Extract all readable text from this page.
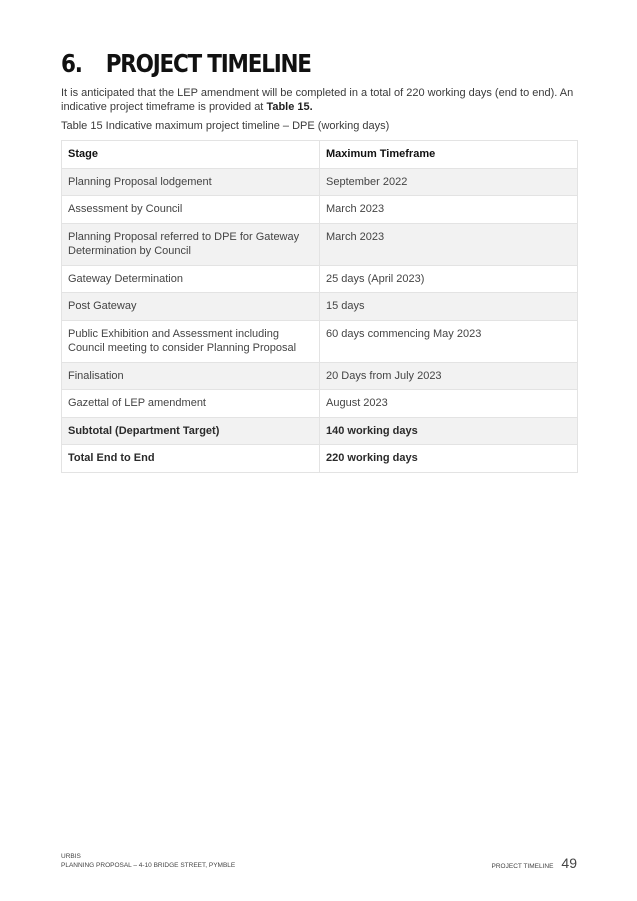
6. PROJECT TIMELINE

It is anticipated that the LEP amendment will be completed in a total of 220 working days (end to end). An indicative project timeframe is provided at Table 15.

Table 15 Indicative maximum project timeline – DPE (working days)

Stage	Maximum Timeframe
Planning Proposal lodgement	September 2022
Assessment by Council	March 2023
Planning Proposal referred to DPE for Gateway Determination by Council	March 2023
Gateway Determination	25 days (April 2023)
Post Gateway	15 days
Public Exhibition and Assessment including Council meeting to consider Planning Proposal	60 days commencing May 2023
Finalisation	20 Days from July 2023
Gazettal of LEP amendment	August 2023
Subtotal (Department Target)	140 working days
Total End to End	220 working days
URBIS
PLANNING PROPOSAL – 4-10 BRIDGE STREET, PYMBLE	PROJECT TIMELINE 49
